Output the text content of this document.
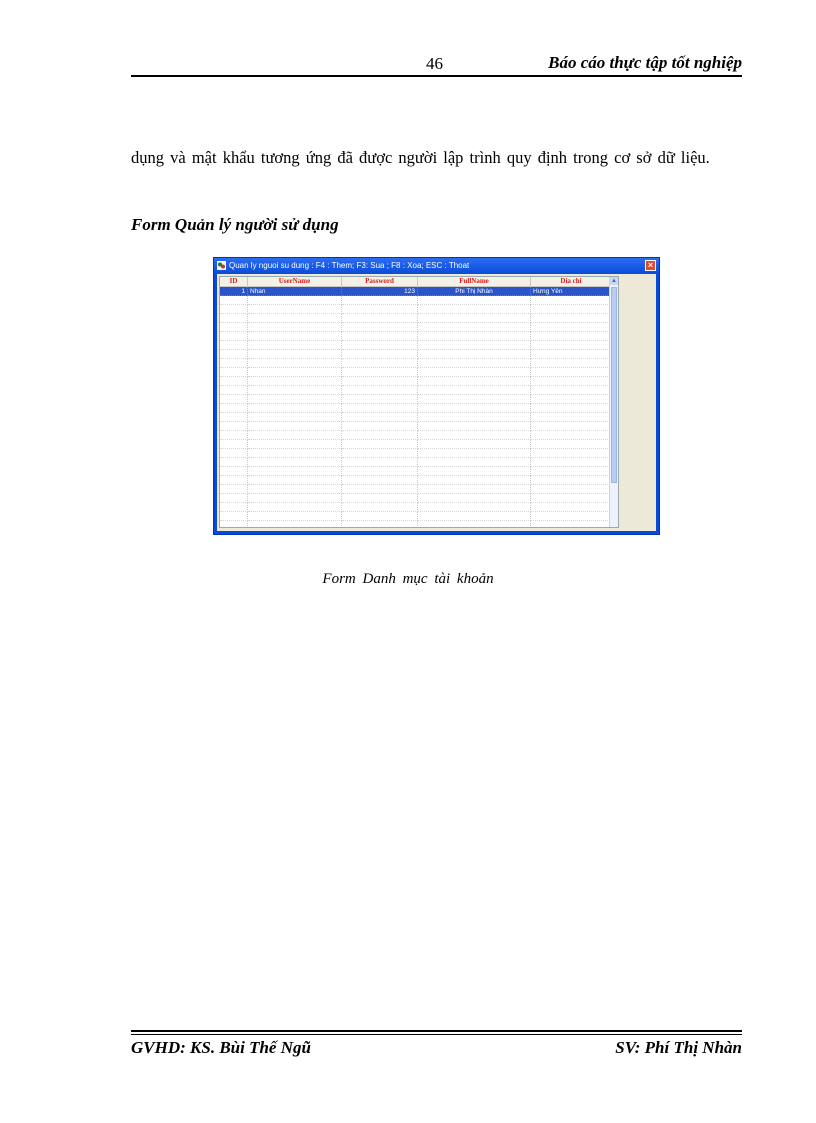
46	Báo cáo thực tập tốt nghiệp
dụng và mật khẩu tương ứng đã được người lập trình quy định trong cơ sở dữ liệu.
Form Quản lý người sử dụng
Quan ly nguoi su dung : F4 : Them; F3: Sua ; F8 : Xoa; ESC : Thoat	×
ID	UserName	Password	FullName	Dia chi
1 Nhan	123	Phi Thị Nhàn	Hưng Yên
▲
Form Danh mục tài khoản
GVHD: KS. Bùi Thế Ngũ	SV: Phí Thị Nhàn
